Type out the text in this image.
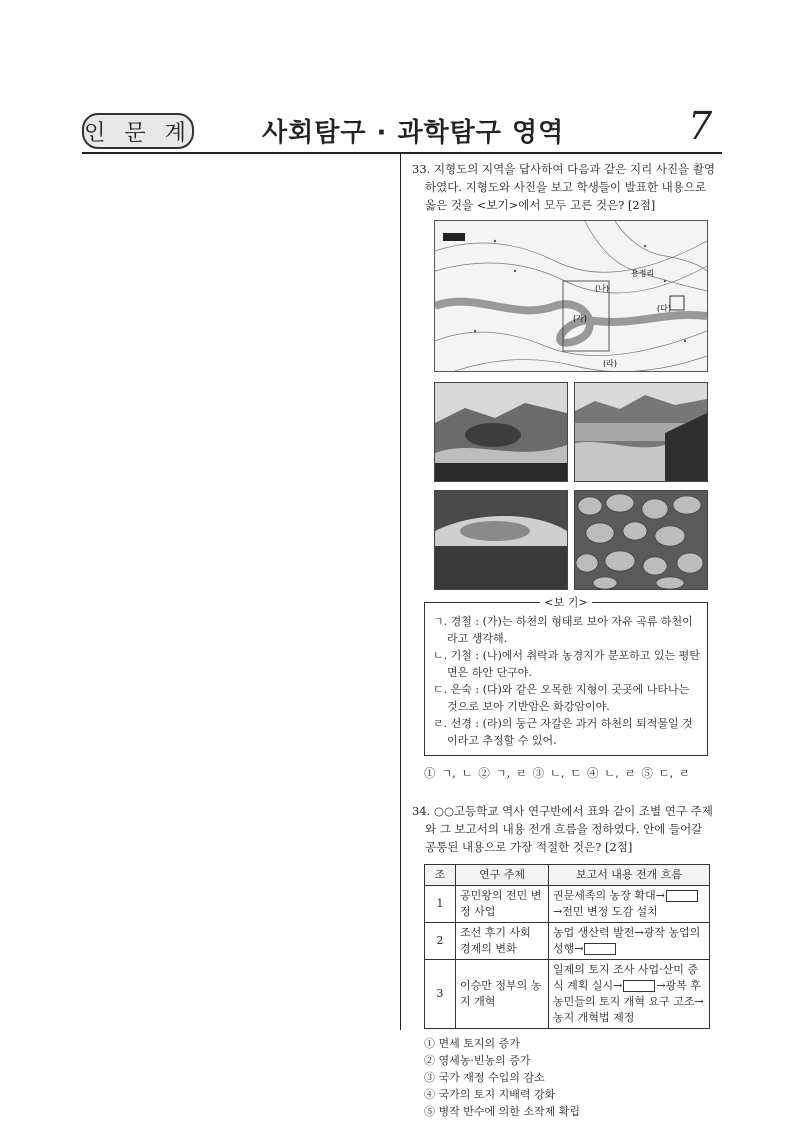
인 문 계	사회탐구 · 과학탐구 영역	7

33. 지형도의 지역을 답사하여 다음과 같은 지리 사진을 촬영하였다. 지형도와 사진을 보고 학생들이 발표한 내용으로 옳은 것을 <보기>에서 모두 고른 것은? [2점]

(가)
(나)
(다)
(라)
용정리
<보 기>

ㄱ. 경철 : (가)는 하천의 형태로 보아 자유 곡류 하천이라고 생각해.

ㄴ. 기철 : (나)에서 취락과 농경지가 분포하고 있는 평탄면은 하안 단구야.

ㄷ. 은숙 : (다)와 같은 오목한 지형이 곳곳에 나타나는 것으로 보아 기반암은 화강암이야.

ㄹ. 선경 : (라)의 둥근 자갈은 과거 하천의 퇴적물일 것이라고 추정할 수 있어.

① ㄱ, ㄴ ② ㄱ, ㄹ ③ ㄴ, ㄷ ④ ㄴ, ㄹ ⑤ ㄷ, ㄹ

34. ○○고등학교 역사 연구반에서 표와 같이 조별 연구 주제와 그 보고서의 내용 전개 흐름을 정하였다. 안에 들어갈 공통된 내용으로 가장 적절한 것은? [2점]

조	연구 주제	보고서 내용 전개 흐름
1	공민왕의 전민 변정 사업	권문세족의 농장 확대→→전민 변정 도감 설치
2	조선 후기 사회 경제의 변화	농업 생산력 발전→광작 농업의 성행→
3	이승만 정부의 농지 개혁	일제의 토지 조사 사업·산미 증식 계획 실시→ →광복 후 농민들의 토지 개혁 요구 고조→농지 개혁법 제정
① 면세 토지의 증가
② 영세농·빈농의 증가
③ 국가 재정 수입의 감소
④ 국가의 토지 지배력 강화
⑤ 병작 반수에 의한 소작제 확립
